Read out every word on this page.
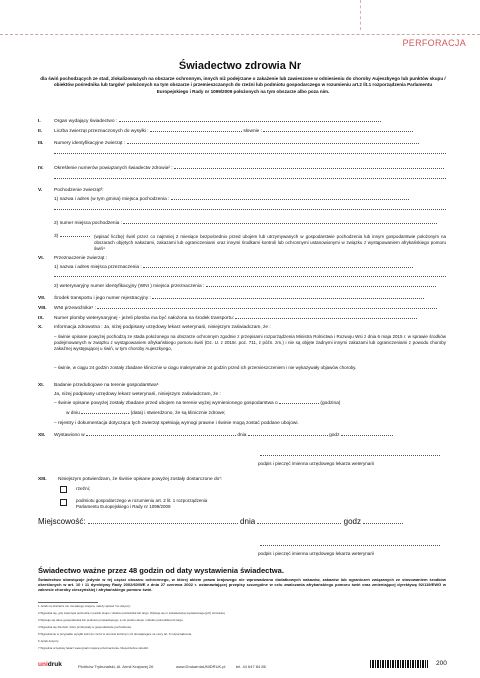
PERFORACJA
Świadectwo zdrowia Nr
dla świń pochodzących ze stad, zlokalizowanych na obszarze ochronnym, innych niż podejrzane o zakażenie lub zawieszone w odniesieniu do choroby Aujeszkyego lub punktów skupu / obiektów pośrednika lub targów¹ położonych na tym obszarze i przemieszczanych do rzeźni lub podmiotu gospodarczego w rozumieniu art.2 lit.1 rozporządzenia Parlamentu Europejskiego i Rady nr 1099/2009 położonych na tym obszarze albo poza nim.
I.	Organ wydający świadectwo :
II.	Liczba zwierząt przeznaczonych do wysyłki :	słownie :
III. Numery identyfikacyjne zwierząt :
IV. Określenie numerów powiązanych świadectw zdrowia² :
V. Pochodzenie zwierząt³:
1) nazwa i adres (w tym gmina) miejsca pochodzenia :
2) numer miejsca pochodzenia :
3)	(wpisać liczbę) świń przez co najmniej 2 miesiące bezpośrednio przed ubojem lub utrzymywanych w gospodarstwie pochodzenia lub innym gospodarstwie położonym na obszarach objętych nakazami, zakazami lub ograniczeniami oraz innymi środkami kontroli lub ochronnymi ustanowionymi w związku z wystąpowaniem afrykańskiego pomoru świń⁴
VI. Przeznaczenie zwierząt :
1) nazwa i adres miejsca przeznaczenia :
2) weterynaryjny numer identyfikacyjny (WNI ) miejsca przeznaczenia :
VII. Środek transportu i jego numer rejestracyjny :
VIII. WNI przewoźnika⁵ :
IX. Numer plomby weterynaryjnej - jeżeli plomba ma być nałożona na środek transportu:
X. Informacja zdrowotna : Ja, niżej podpisany urzędowy lekarz weterynarii, niniejszym zaświadczam, że :
– świnie opisane powyżej pochodzą ze stada położonego na obszarze ochronnym zgodnie z przepisami rozporządzenia Ministra Rolnictwa i Rozwoju Wsi z dnia 6 maja 2015 r. w sprawie środków podejmowanych w związku z wystąpowaniem afrykańskiego pomoru świń (Dz. U. z 2015r. poz. 711, z późn. zm.) i nie są objęte żadnymi innymi zakazami lub ograniczeniami z powodu choroby zakaźnej występującej u świń, w tym choroby Aujeszkyego,
– świnie, w ciągu 24 godzin zostały zbadane klinicznie w ciągu maksymalnie 24 godzin przed ich przemieszczeniem i nie wykazywały objawów choroby.
XI. Badanie przedubojowe na terenie gospodarstwa⁶
Ja, niżej podpisany urzędowy lekarz weterynarii, niniejszym zaświadczam, że :
– świnie opisane powyżej zostały zbadane przed ubojem na terenie wyżej wymienionego gospodarstwa o	(godzina)
w dniu	(data) i stwierdzono, że są klinicznie zdrowe;
– rejestry i dokumentacja dotycząca tych zwierząt spełniają wymogi prawne i świnie mogą zostać poddane ubojowi.
XII. Wystawiono w	dnia	godz
podpis i pieczęć imienna urzędowego lekarza weterynarii
XIII. Niniejszym potwierdzam, że świnie opisane powyżej zostały dostarczone do⁷:
rzeźni;
podmiotu gospodarczego w rozumieniu art. 2 lit. 1 rozporządzenia Parlamentu Europejskiego i Rady nr 1099/2009
Miejscowość:	dnia	godz
podpis i pieczęć imienna urzędowego lekarza weterynarii
Świadectwo ważne przez 48 godzin od daty wystawienia świadectwa.
Świadectwo obowiązuje jedynie w tej części obszaru ochronnego, w której aktem prawa krajowego nie wprowadzono dodatkowych nakazów, zakazów lub ograniczeń związanych ze stosowaniem środków określonych w art. 10 i 11 dyrektywy Rady 2002/60/WE z dnia 27 czerwca 2002 r. ustanawiającej przepisy szczególne w celu zwalczania afrykańskiego pomoru świń oraz zmieniającej dyrektywę 92/119/EWG w zakresie choroby cieszyńskiej i afrykańskiego pomoru świń.
1 Jeżeli na obszarze nie ma takiego miejsca, należy wpisać 'nie dotyczy'.
2 Wypełnia się, gdy zwierzęta pochodzą z punktu skupu / obiektu pośrednika lub targu. Wpisuje się nr świadectw(a) wystawionego(ych) wcześniej.
3 Wpisuje się dane gospodarstwa lub podmiotu prowadzącego, a nie punktu skupu / obiektu pośrednika lub targu.
4 Wypełnia się dla świń, które przebywały w gospodarstwie pochodzenia.
5 Wypełnienie w przypadku wysyłki świń do rzeźni w terminie krótszym niż obowiązujące na mocy art. 5 rozporządzenia.
6 Jeżeli dotyczy.
7 Wypełnia urzędowy lekarz weterynarii miejsca przeznaczenia. Niepotrzebne skreślić.
unidruk	Piotrków Trybunalski, Al. Armii Krajowej 26	www.DrukarniaUNIDRUK.pl	tel. 44 647 84 86	200
